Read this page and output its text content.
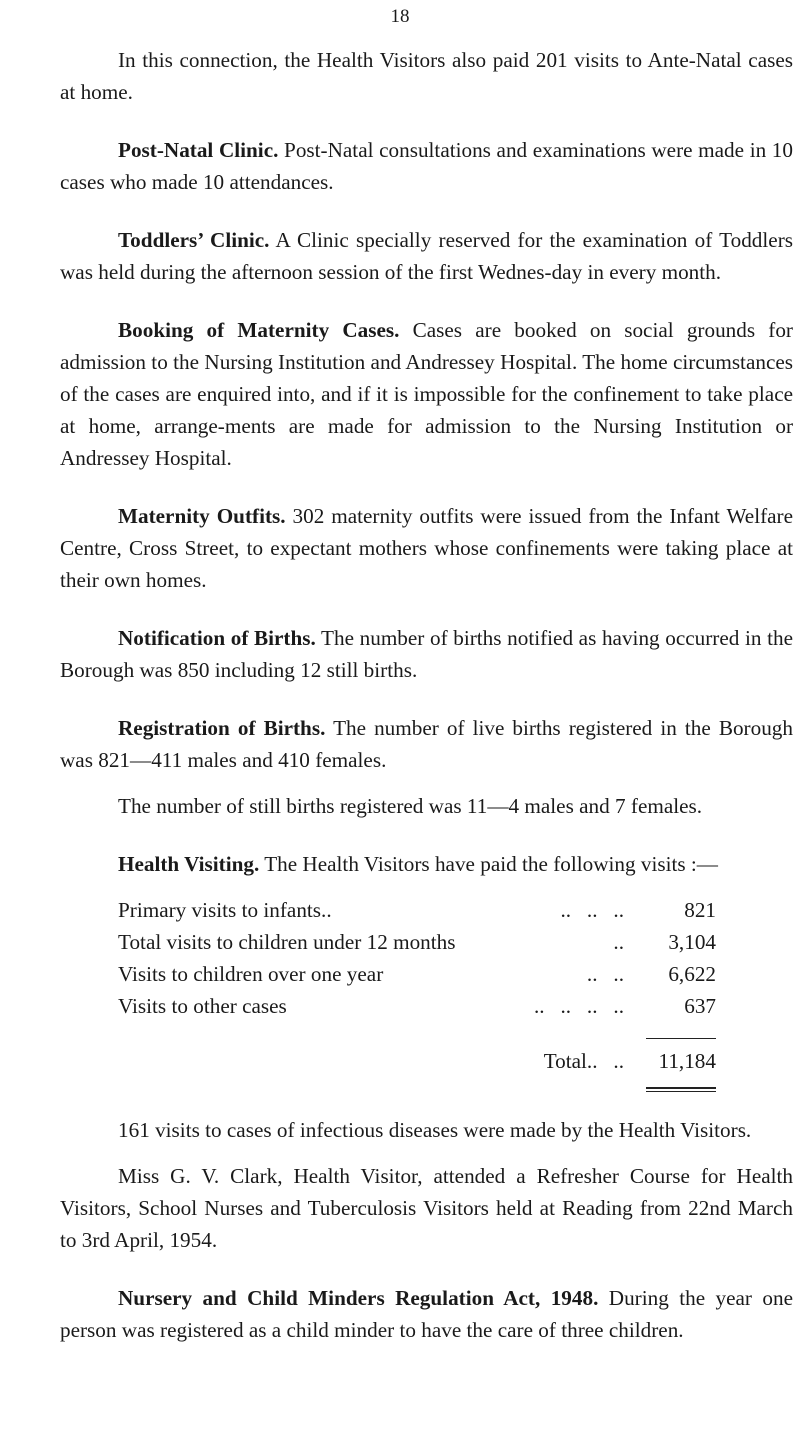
18

In this connection, the Health Visitors also paid 201 visits to Ante-Natal cases at home.

Post-Natal Clinic. Post-Natal consultations and examinations were made in 10 cases who made 10 attendances.

Toddlers’ Clinic. A Clinic specially reserved for the examination of Toddlers was held during the afternoon session of the first Wednes-day in every month.

Booking of Maternity Cases. Cases are booked on social grounds for admission to the Nursing Institution and Andressey Hospital. The home circumstances of the cases are enquired into, and if it is impossible for the confinement to take place at home, arrange-ments are made for admission to the Nursing Institution or Andressey Hospital.

Maternity Outfits. 302 maternity outfits were issued from the Infant Welfare Centre, Cross Street, to expectant mothers whose confinements were taking place at their own homes.

Notification of Births. The number of births notified as having occurred in the Borough was 850 including 12 still births.

Registration of Births. The number of live births registered in the Borough was 821—411 males and 410 females.

The number of still births registered was 11—4 males and 7 females.

Health Visiting. The Health Visitors have paid the following visits :—

Primary visits to infants..	..   ..   ..	821
Total visits to children under 12 months	..	3,104
Visits to children over one year	..   ..	6,622
Visits to other cases	..   ..   ..   ..	637
Total ..   ..	11,184

161 visits to cases of infectious diseases were made by the Health Visitors.

Miss G. V. Clark, Health Visitor, attended a Refresher Course for Health Visitors, School Nurses and Tuberculosis Visitors held at Reading from 22nd March to 3rd April, 1954.

Nursery and Child Minders Regulation Act, 1948. During the year one person was registered as a child minder to have the care of three children.
